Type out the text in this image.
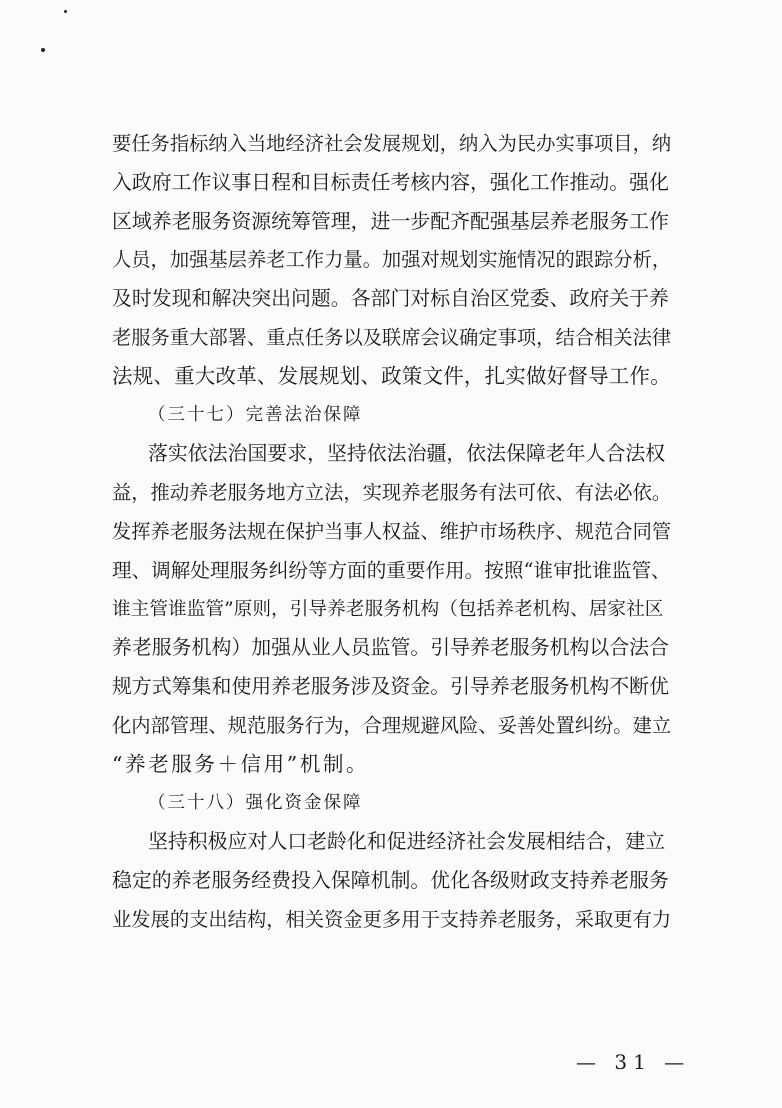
要任务指标纳入当地经济社会发展规划，纳入为民办实事项目，纳
入政府工作议事日程和目标责任考核内容，强化工作推动。强化
区域养老服务资源统筹管理，进一步配齐配强基层养老服务工作
人员，加强基层养老工作力量。加强对规划实施情况的跟踪分析，
及时发现和解决突出问题。各部门对标自治区党委、政府关于养
老服务重大部署、重点任务以及联席会议确定事项，结合相关法律
法规、重大改革、发展规划、政策文件，扎实做好督导工作。
（三十七）完善法治保障
落实依法治国要求，坚持依法治疆，依法保障老年人合法权
益，推动养老服务地方立法，实现养老服务有法可依、有法必依。
发挥养老服务法规在保护当事人权益、维护市场秩序、规范合同管
理、调解处理服务纠纷等方面的重要作用。按照“谁审批谁监管、
谁主管谁监管”原则，引导养老服务机构（包括养老机构、居家社区
养老服务机构）加强从业人员监管。引导养老服务机构以合法合
规方式筹集和使用养老服务涉及资金。引导养老服务机构不断优
化内部管理、规范服务行为，合理规避风险、妥善处置纠纷。建立
“养老服务＋信用”机制。
（三十八）强化资金保障
坚持积极应对人口老龄化和促进经济社会发展相结合，建立
稳定的养老服务经费投入保障机制。优化各级财政支持养老服务
业发展的支出结构，相关资金更多用于支持养老服务，采取更有力
— 31 —
